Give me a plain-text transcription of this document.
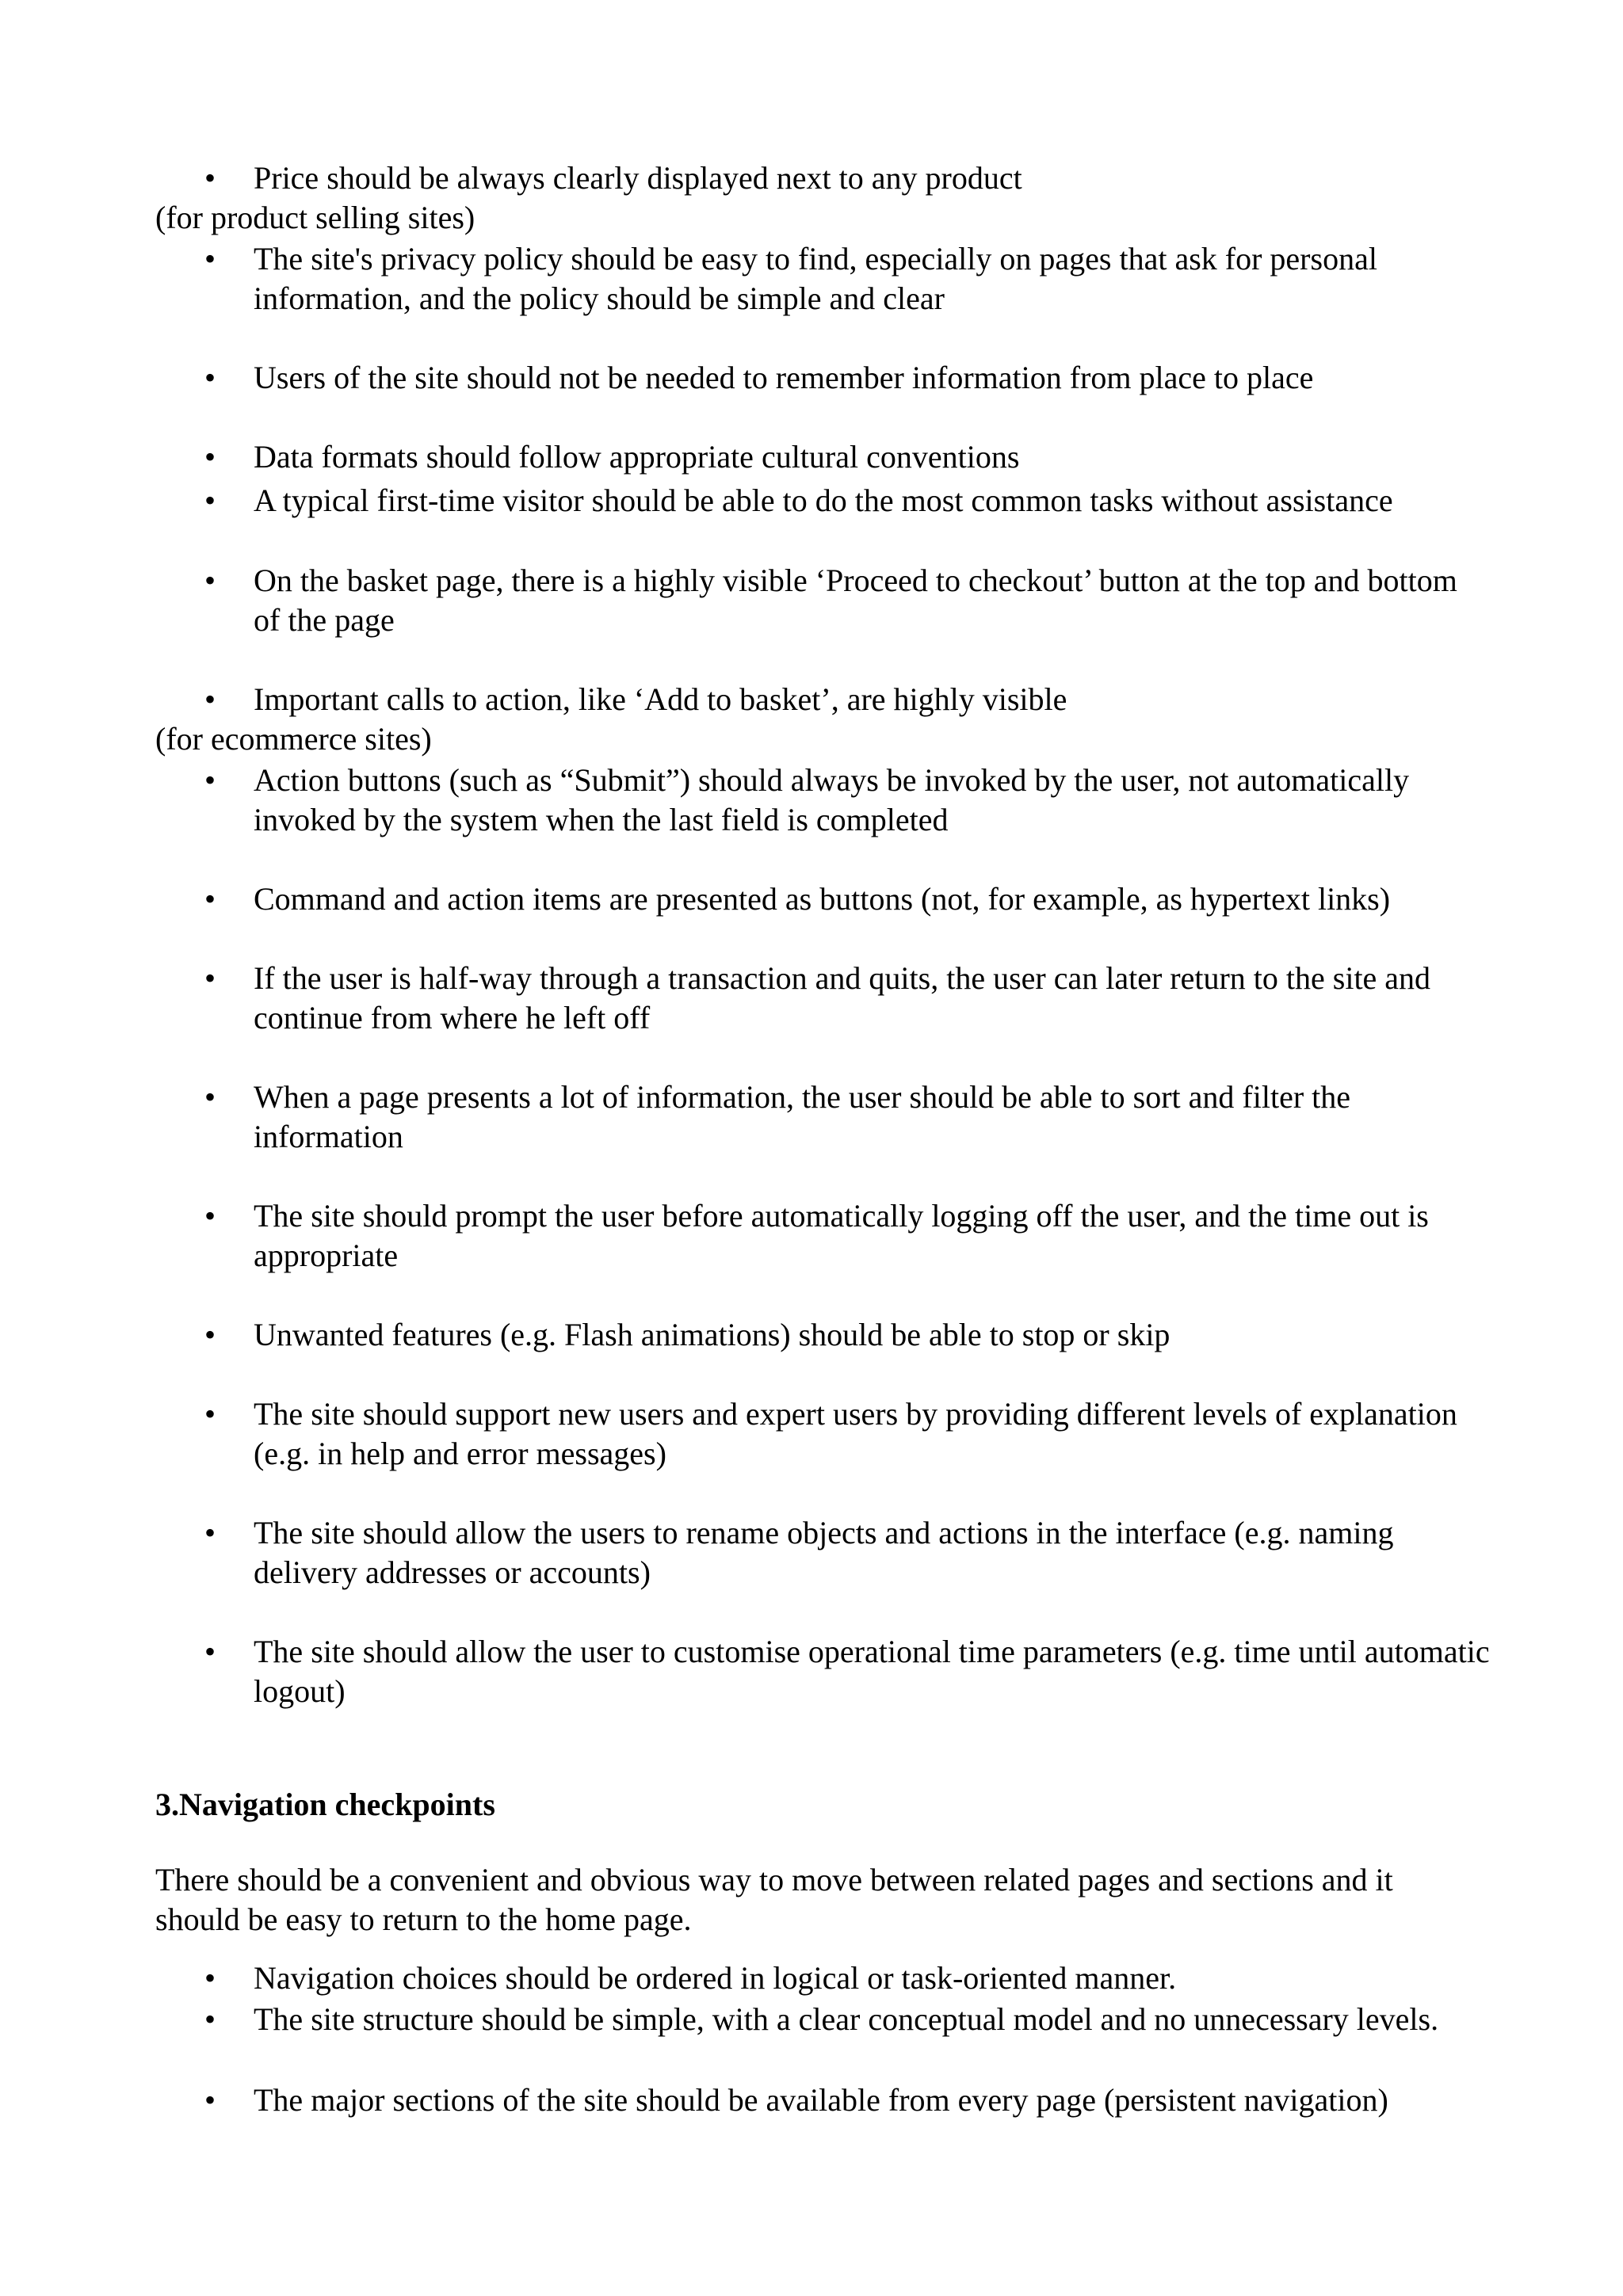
• Price should be always clearly displayed next to any product
(for product selling sites)
• The site's privacy policy should be easy to find, especially on pages that ask for personal information, and the policy should be simple and clear
• Users of the site should not be needed to remember information from place to place
• Data formats should follow appropriate cultural conventions
• A typical first-time visitor should be able to do the most common tasks without assistance
• On the basket page, there is a highly visible ‘Proceed to checkout’ button at the top and bottom of the page
• Important calls to action, like ‘Add to basket’, are highly visible
(for ecommerce sites)
• Action buttons (such as “Submit”) should always be invoked by the user, not automatically invoked by the system when the last field is completed
• Command and action items are presented as buttons (not, for example, as hypertext links)
• If the user is half-way through a transaction and quits, the user can later return to the site and continue from where he left off
• When a page presents a lot of information, the user should be able to sort and filter the information
• The site should prompt the user before automatically logging off the user, and the time out is appropriate
• Unwanted features (e.g. Flash animations) should be able to stop or skip
• The site should support new users and expert users by providing different levels of explanation (e.g. in help and error messages)
• The site should allow the users to rename objects and actions in the interface (e.g. naming delivery addresses or accounts)
• The site should allow the user to customise operational time parameters (e.g. time until automatic logout)
3.Navigation checkpoints
There should be a convenient and obvious way to move between related pages and sections and it should be easy to return to the home page.
• Navigation choices should be ordered in logical or task-oriented manner.
• The site structure should be simple, with a clear conceptual model and no unnecessary levels.
• The major sections of the site should be available from every page (persistent navigation)
